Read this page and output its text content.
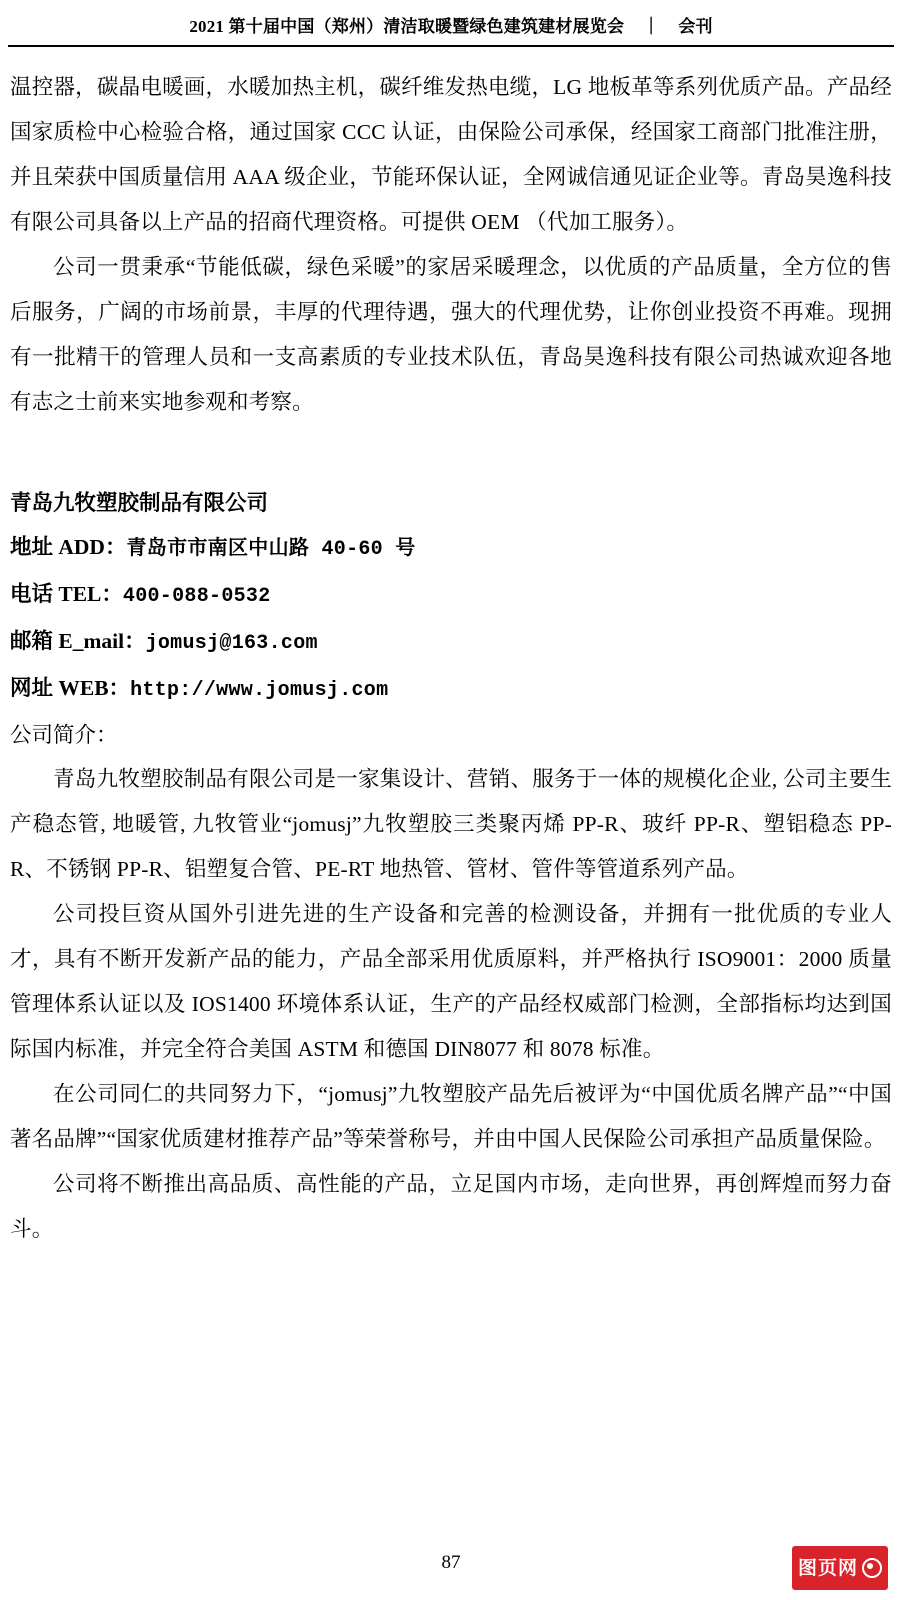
2021 第十届中国（郑州）清洁取暖暨绿色建筑建材展览会 ｜ 会刊

温控器，碳晶电暖画，水暖加热主机，碳纤维发热电缆，LG 地板革等系列优质产品。产品经国家质检中心检验合格，通过国家 CCC 认证，由保险公司承保，经国家工商部门批准注册，并且荣获中国质量信用 AAA 级企业，节能环保认证，全网诚信通见证企业等。青岛昊逸科技有限公司具备以上产品的招商代理资格。可提供 OEM （代加工服务）。

公司一贯秉承“节能低碳，绿色采暖”的家居采暖理念，以优质的产品质量，全方位的售后服务，广阔的市场前景，丰厚的代理待遇，强大的代理优势，让你创业投资不再难。现拥有一批精干的管理人员和一支高素质的专业技术队伍，青岛昊逸科技有限公司热诚欢迎各地有志之士前来实地参观和考察。

青岛九牧塑胶制品有限公司

地址 ADD：青岛市市南区中山路 40-60 号

电话 TEL：400-088-0532

邮箱 E_mail：jomusj@163.com

网址 WEB：http://www.jomusj.com

公司简介：

青岛九牧塑胶制品有限公司是一家集设计、营销、服务于一体的规模化企业, 公司主要生产稳态管, 地暖管, 九牧管业“jomusj”九牧塑胶三类聚丙烯 PP-R、玻纤 PP-R、塑铝稳态 PP-R、不锈钢 PP-R、铝塑复合管、PE-RT 地热管、管材、管件等管道系列产品。

公司投巨资从国外引进先进的生产设备和完善的检测设备，并拥有一批优质的专业人才，具有不断开发新产品的能力，产品全部采用优质原料，并严格执行 ISO9001：2000 质量管理体系认证以及 IOS1400 环境体系认证，生产的产品经权威部门检测，全部指标均达到国际国内标准，并完全符合美国 ASTM 和德国 DIN8077 和 8078 标准。

在公司同仁的共同努力下，“jomusj”九牧塑胶产品先后被评为“中国优质名牌产品”“中国著名品牌”“国家优质建材推荐产品”等荣誉称号，并由中国人民保险公司承担产品质量保险。

公司将不断推出高品质、高性能的产品，立足国内市场，走向世界，再创辉煌而努力奋斗。

87	图页网
